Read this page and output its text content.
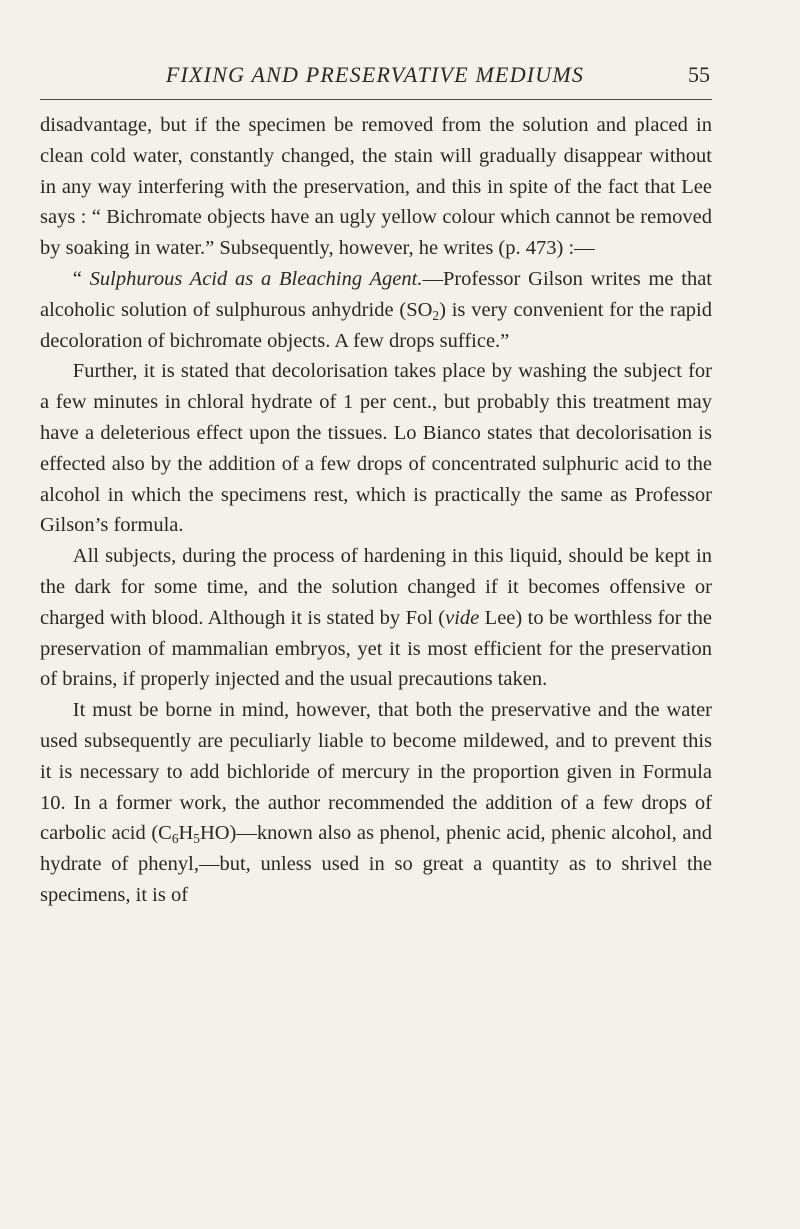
FIXING AND PRESERVATIVE MEDIUMS	55

disadvantage, but if the specimen be removed from the solution and placed in clean cold water, constantly changed, the stain will gradually disappear without in any way interfering with the preservation, and this in spite of the fact that Lee says : “ Bichromate objects have an ugly yellow colour which cannot be removed by soaking in water.” Subsequently, however, he writes (p. 473) :—

“ Sulphurous Acid as a Bleaching Agent.—Professor Gilson writes me that alcoholic solution of sulphurous anhydride $(SO_2)$ is very convenient for the rapid decoloration of bichromate objects. A few drops suffice.”

Further, it is stated that decolorisation takes place by washing the subject for a few minutes in chloral hydrate of 1 per cent., but probably this treatment may have a deleterious effect upon the tissues. Lo Bianco states that decolorisation is effected also by the addition of a few drops of concentrated sulphuric acid to the alcohol in which the specimens rest, which is practically the same as Professor Gilson’s formula.

All subjects, during the process of hardening in this liquid, should be kept in the dark for some time, and the solution changed if it becomes offensive or charged with blood. Although it is stated by Fol (vide Lee) to be worthless for the preservation of mammalian embryos, yet it is most efficient for the preservation of brains, if properly injected and the usual precautions taken.

It must be borne in mind, however, that both the preservative and the water used subsequently are peculiarly liable to become mildewed, and to prevent this it is necessary to add bichloride of mercury in the proportion given in Formula 10. In a former work, the author recommended the addition of a few drops of carbolic acid $(C_6H_5HO)—known$ also as phenol, phenic acid, phenic alcohol, and hydrate of phenyl,—but, unless used in so great a quantity as to shrivel the specimens, it is of
